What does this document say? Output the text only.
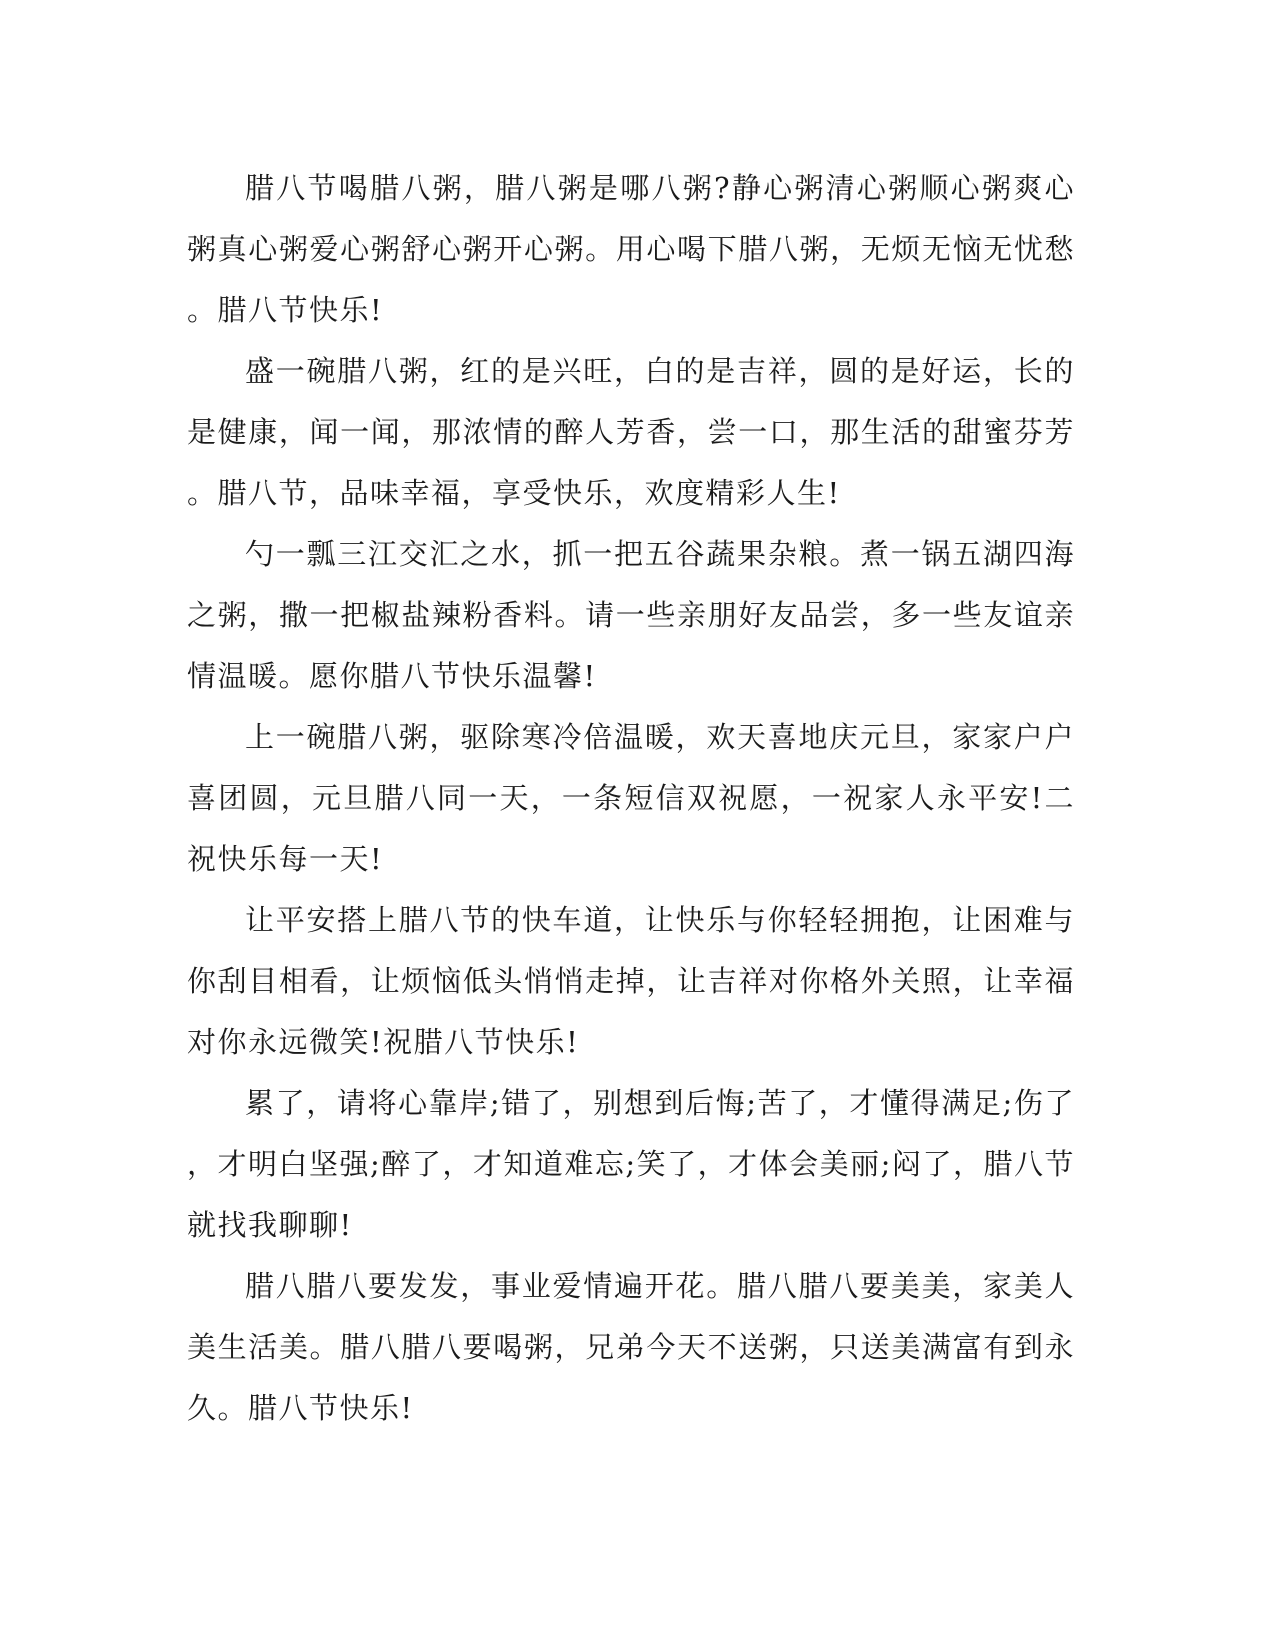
腊八节喝腊八粥，腊八粥是哪八粥?静心粥清心粥顺心粥爽心粥真心粥爱心粥舒心粥开心粥。用心喝下腊八粥，无烦无恼无忧愁。腊八节快乐!

盛一碗腊八粥，红的是兴旺，白的是吉祥，圆的是好运，长的是健康，闻一闻，那浓情的醉人芳香，尝一口，那生活的甜蜜芬芳。腊八节，品味幸福，享受快乐，欢度精彩人生!

勺一瓢三江交汇之水，抓一把五谷蔬果杂粮。煮一锅五湖四海之粥，撒一把椒盐辣粉香料。请一些亲朋好友品尝，多一些友谊亲情温暖。愿你腊八节快乐温馨!

上一碗腊八粥，驱除寒冷倍温暖，欢天喜地庆元旦，家家户户喜团圆，元旦腊八同一天，一条短信双祝愿，一祝家人永平安!二祝快乐每一天!

让平安搭上腊八节的快车道，让快乐与你轻轻拥抱，让困难与你刮目相看，让烦恼低头悄悄走掉，让吉祥对你格外关照，让幸福对你永远微笑!祝腊八节快乐!

累了，请将心靠岸;错了，别想到后悔;苦了，才懂得满足;伤了，才明白坚强;醉了，才知道难忘;笑了，才体会美丽;闷了，腊八节就找我聊聊!

腊八腊八要发发，事业爱情遍开花。腊八腊八要美美，家美人美生活美。腊八腊八要喝粥，兄弟今天不送粥，只送美满富有到永久。腊八节快乐!
